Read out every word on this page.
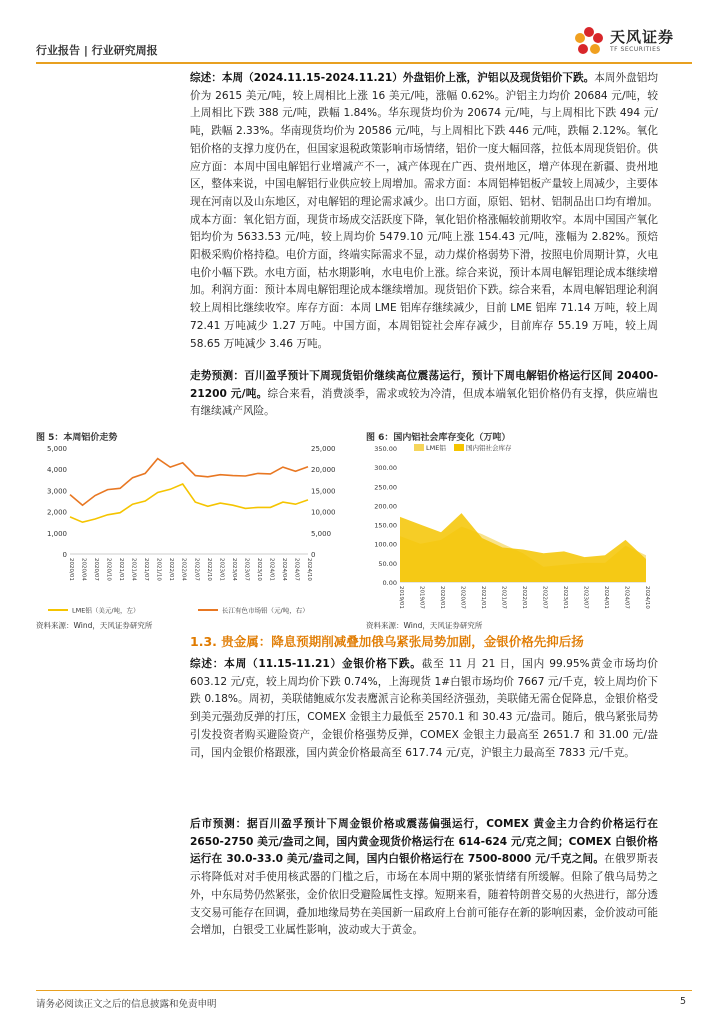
行业报告 | 行业研究周报
天风证券
TF SECURITIES
综述：本周（2024.11.15-2024.11.21）外盘铝价上涨，沪铝以及现货铝价下跌。本周外盘铝均价为 2615 美元/吨，较上周相比上涨 16 美元/吨，涨幅 0.62%。沪铝主力均价 20684 元/吨，较上周相比下跌 388 元/吨，跌幅 1.84%。华东现货均价为 20674 元/吨，与上周相比下跌 494 元/吨，跌幅 2.33%。华南现货均价为 20586 元/吨，与上周相比下跌 446 元/吨，跌幅 2.12%。氧化铝价格的支撑力度仍在，但国家退税政策影响市场情绪，铝价一度大幅回落，拉低本周现货铝价。供应方面：本周中国电解铝行业增减产不一，减产体现在广西、贵州地区，增产体现在新疆、贵州地区，整体来说，中国电解铝行业供应较上周增加。需求方面：本周铝棒铝板产量较上周减少，主要体现在河南以及山东地区，对电解铝的理论需求减少。出口方面，原铝、铝材、铝制品出口均有增加。成本方面：氧化铝方面，现货市场成交活跃度下降，氧化铝价格涨幅较前期收窄。本周中国国产氧化铝均价为 5633.53 元/吨，较上周均价 5479.10 元/吨上涨 154.43 元/吨，涨幅为 2.82%。预焙阳极采购价格持稳。电价方面，终端实际需求不显，动力煤价格弱势下滑，按照电价周期计算，火电电价小幅下跌。水电方面，枯水期影响，水电电价上涨。综合来说，预计本周电解铝理论成本继续增加。利润方面：预计本周电解铝理论成本继续增加。现货铝价下跌。综合来看，本周电解铝理论利润较上周相比继续收窄。库存方面：本周 LME 铝库存继续减少，目前 LME 铝库 71.14 万吨，较上周 72.41 万吨减少 1.27 万吨。中国方面，本周铝锭社会库存减少，目前库存 55.19 万吨，较上周 58.65 万吨减少 3.46 万吨。
走势预测：百川盈孚预计下周现货铝价继续高位震荡运行，预计下周电解铝价格运行区间 20400-21200 元/吨。综合来看，消费淡季，需求或较为冷清，但成本端氧化铝价格仍有支撑，供应端也有继续减产风险。
图 5：本周铝价走势
0
1,000
2,000
3,000
4,000
5,000
0
5,000
10,000
15,000
20,000
25,000
2020/01 2020/04 2020/07 2020/10 2021/01 2021/04 2021/07 2021/10 2022/01 2022/04 2022/07 2022/10 2023/01 2023/04 2023/07 2023/10 2024/01 2024/04 2024/07 2024/10
LME铝（美元/吨，左）	长江有色市场铝（元/吨，右）
资料来源：Wind，天风证券研究所
图 6：国内铝社会库存变化（万吨）
0.00
50.00
100.00
150.00
200.00
250.00
300.00
350.00
2019/01	2019/07	2020/01	2020/07	2021/01	2021/07	2022/01	2022/07	2023/01	2023/07	2024/01	2024/07	2024/10
LME铝	国内铝社会库存
资料来源：Wind，天风证券研究所
1.3. 贵金属：降息预期削减叠加俄乌紧张局势加剧，金银价格先抑后扬
综述：本周（11.15-11.21）金银价格下跌。截至 11 月 21 日，国内 99.95%黄金市场均价 603.12 元/克，较上周均价下跌 0.74%，上海现货 1#白银市场均价 7667 元/千克，较上周均价下跌 0.18%。周初，美联储鲍威尔发表鹰派言论称美国经济强劲，美联储无需仓促降息，金银价格受到美元强劲反弹的打压，COMEX 金银主力最低至 2570.1 和 30.43 元/盎司。随后，俄乌紧张局势引发投资者购买避险资产，金银价格强势反弹，COMEX 金银主力最高至 2651.7 和 31.00 元/盎司，国内金银价格跟涨，国内黄金价格最高至 617.74 元/克，沪银主力最高至 7833 元/千克。
后市预测：据百川盈孚预计下周金银价格或震荡偏强运行，COMEX 黄金主力合约价格运行在 2650-2750 美元/盎司之间，国内黄金现货价格运行在 614-624 元/克之间；COMEX 白银价格运行在 30.0-33.0 美元/盎司之间，国内白银价格运行在 7500-8000 元/千克之间。在俄罗斯表示将降低对对手使用核武器的门槛之后，市场在本周中期的紧张情绪有所缓解。但除了俄乌局势之外，中东局势仍然紧张，金价依旧受避险属性支撑。短期来看，随着特朗普交易的火热进行，部分透支交易可能存在回调，叠加地缘局势在美国新一届政府上台前可能存在新的影响因素，金价波动可能会增加，白银受工业属性影响，波动或大于黄金。
请务必阅读正文之后的信息披露和免责申明	5
